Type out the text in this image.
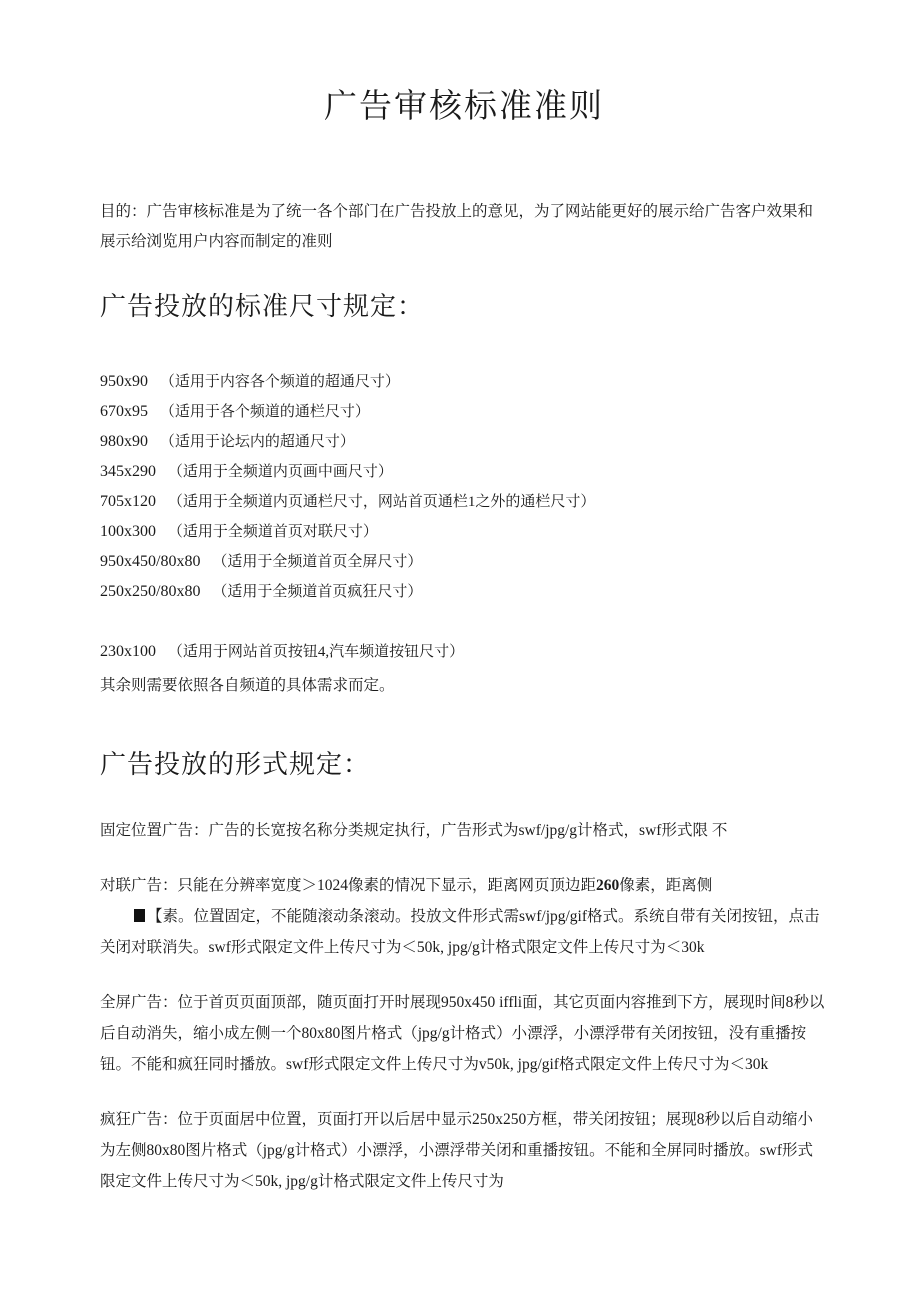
广告审核标准准则

目的：广告审核标准是为了统一各个部门在广告投放上的意见，为了网站能更好的展示给广告客户效果和展示给浏览用户内容而制定的准则

广告投放的标准尺寸规定：
950x90 （适用于内容各个频道的超通尺寸）
670x95 （适用于各个频道的通栏尺寸）
980x90 （适用于论坛内的超通尺寸）
345x290 （适用于全频道内页画中画尺寸）
705x120 （适用于全频道内页通栏尺寸，网站首页通栏1之外的通栏尺寸）
100x300 （适用于全频道首页对联尺寸）
950x450/80x80 （适用于全频道首页全屏尺寸）
250x250/80x80 （适用于全频道首页疯狂尺寸）
230x100 （适用于网站首页按钮4,汽车频道按钮尺寸）

其余则需要依照各自频道的具体需求而定。

广告投放的形式规定：

固定位置广告：广告的长宽按名称分类规定执行，广告形式为swf/jpg/g计格式，swf形式限 不

对联广告：只能在分辨率宽度＞1024像素的情况下显示，距离网页顶边距260像素，距离侧
【素。位置固定，不能随滚动条滚动。投放文件形式需swf/jpg/gif格式。系统自带有关闭按钮，点击关闭对联消失。swf形式限定文件上传尺寸为＜50k, jpg/g计格式限定文件上传尺寸为＜30k

全屏广告：位于首页页面顶部，随页面打开时展现950x450 iffli面，其它页面内容推到下方，展现时间8秒以后自动消失，缩小成左侧一个80x80图片格式（jpg/g计格式）小漂浮，小漂浮带有关闭按钮，没有重播按钮。不能和疯狂同时播放。swf形式限定文件上传尺寸为v50k, jpg/gif格式限定文件上传尺寸为＜30k

疯狂广告：位于页面居中位置，页面打开以后居中显示250x250方框，带关闭按钮；展现8秒以后自动缩小为左侧80x80图片格式（jpg/g计格式）小漂浮，小漂浮带关闭和重播按钮。不能和全屏同时播放。swf形式限定文件上传尺寸为＜50k, jpg/g计格式限定文件上传尺寸为
